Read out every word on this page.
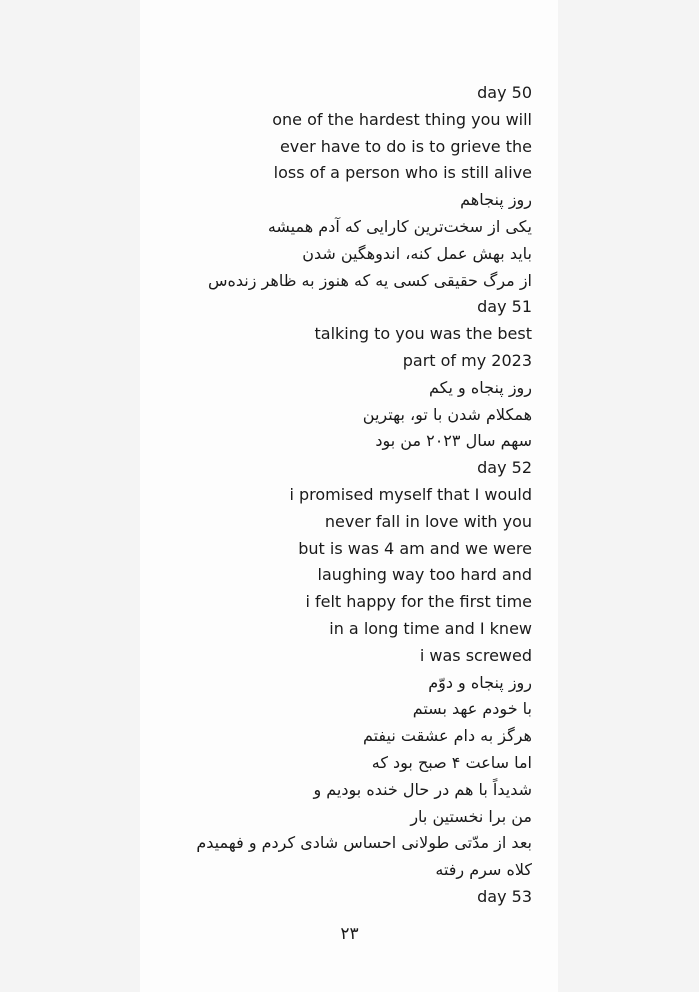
day 50
one of the hardest thing you will
ever have to do is to grieve the
loss of a person who is still alive
روز پنجاهم
یکی از سخت‌ترین کارایی که آدم همیشه
باید بهش عمل کنه، اندوهگین شدن
از مرگ حقیقی کسی یه که هنوز به ظاهر زنده‌س
day 51
talking to you was the best
part of my 2023
روز پنجاه و یکم
همکلام شدن با تو، بهترین
سهم سال ۲۰۲۳ من بود
day 52
i promised myself that I would
never fall in love with you
but is was 4 am and we were
laughing way too hard and
i felt happy for the first time
in a long time and I knew
i was screwed
روز پنجاه و دوّم
با خودم عهد بستم
هرگز به دام عشقت نیفتم
اما ساعت ۴ صبح بود که
شدیداً با هم در حال خنده بودیم و
من برا نخستین بار
بعد از مدّتی طولانی احساس شادی کردم و فهمیدم
کلاه سرم رفته
day 53
۲۳
